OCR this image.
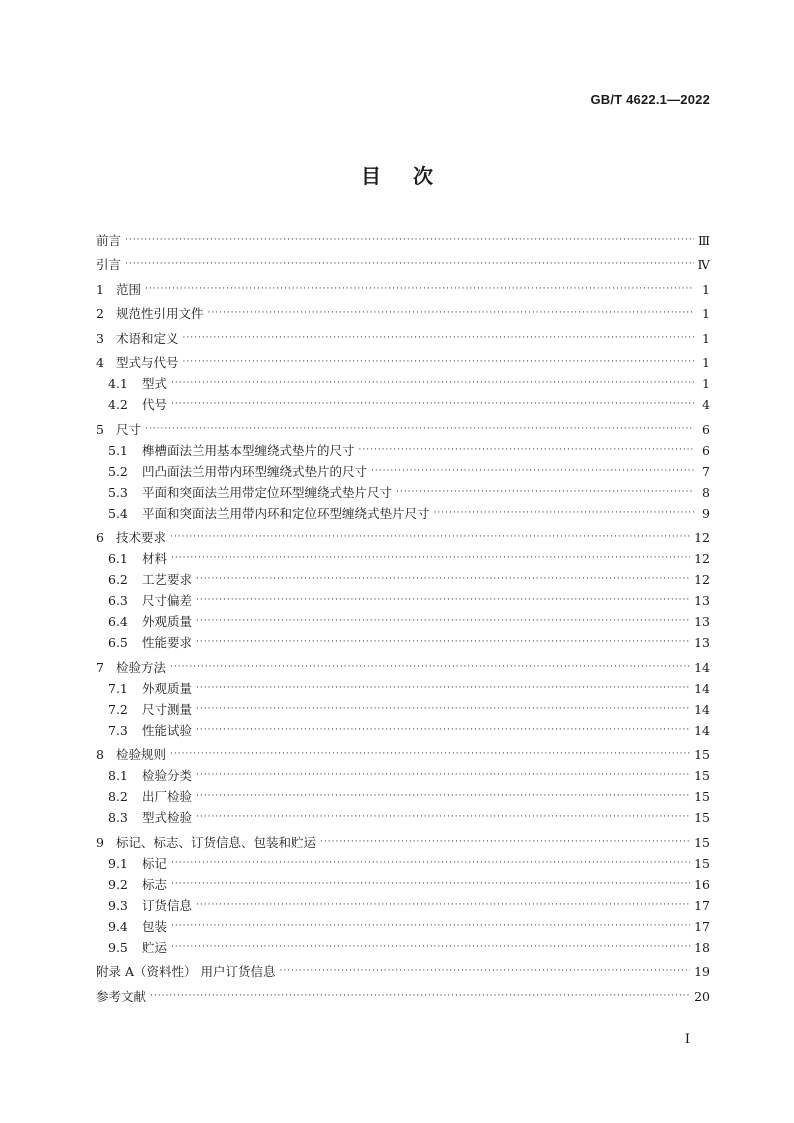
GB/T 4622.1—2022
目 次
前言 ·····	Ⅲ
引言 ·····	Ⅳ
1 范围 ·····	1
2 规范性引用文件 ·····	1
3 术语和定义 ·····	1
4 型式与代号 ·····	1
4.1	型式 ·····	1
4.2	代号 ·····	4
5 尺寸 ·····	6
5.1	榫槽面法兰用基本型缠绕式垫片的尺寸 ·····	6
5.2	凹凸面法兰用带内环型缠绕式垫片的尺寸 ·····	7
5.3	平面和突面法兰用带定位环型缠绕式垫片尺寸 ·····	8
5.4	平面和突面法兰用带内环和定位环型缠绕式垫片尺寸 ·····	9
6 技术要求 ·····	12
6.1	材料 ·····	12
6.2	工艺要求 ·····	12
6.3	尺寸偏差 ·····	13
6.4	外观质量 ·····	13
6.5	性能要求 ·····	13
7 检验方法 ·····	14
7.1	外观质量 ·····	14
7.2	尺寸测量 ·····	14
7.3	性能试验 ·····	14
8 检验规则 ·····	15
8.1	检验分类 ·····	15
8.2	出厂检验 ·····	15
8.3	型式检验 ·····	15
9 标记、标志、订货信息、包装和贮运 ·····	15
9.1	标记 ·····	15
9.2	标志 ·····	16
9.3	订货信息 ·····	17
9.4	包装 ·····	17
9.5	贮运 ·····	18
附录 A（资料性） 用户订货信息 ·····	19
参考文献 ·····	20
Ⅰ
